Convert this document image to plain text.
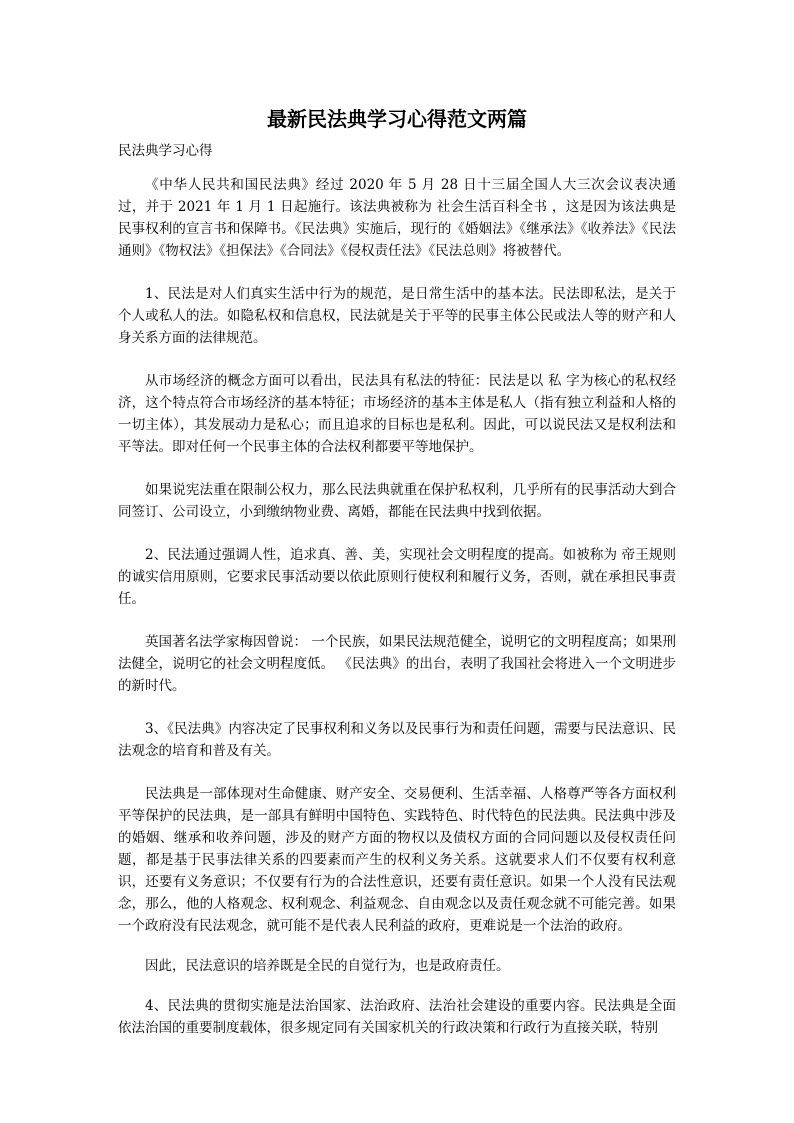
最新民法典学习心得范文两篇

民法典学习心得

《中华人民共和国民法典》经过 2020 年 5 月 28 日十三届全国人大三次会议表决通过，并于 2021 年 1 月 1 日起施行。该法典被称为 社会生活百科全书 ，这是因为该法典是民事权利的宣言书和保障书。《民法典》实施后，现行的《婚姻法》《继承法》《收养法》《民法通则》《物权法》《担保法》《合同法》《侵权责任法》《民法总则》将被替代。

1、民法是对人们真实生活中行为的规范，是日常生活中的基本法。民法即私法，是关于个人或私人的法。如隐私权和信息权，民法就是关于平等的民事主体公民或法人等的财产和人身关系方面的法律规范。

从市场经济的概念方面可以看出，民法具有私法的特征：民法是以 私 字为核心的私权经济，这个特点符合市场经济的基本特征；市场经济的基本主体是私人（指有独立利益和人格的一切主体），其发展动力是私心；而且追求的目标也是私利。因此，可以说民法又是权利法和平等法。即对任何一个民事主体的合法权利都要平等地保护。

如果说宪法重在限制公权力，那么民法典就重在保护私权利，几乎所有的民事活动大到合同签订、公司设立，小到缴纳物业费、离婚，都能在民法典中找到依据。

2、民法通过强调人性，追求真、善、美，实现社会文明程度的提高。如被称为 帝王规则的诚实信用原则，它要求民事活动要以依此原则行使权利和履行义务，否则，就在承担民事责任。

英国著名法学家梅因曾说： 一个民族，如果民法规范健全，说明它的文明程度高；如果刑法健全，说明它的社会文明程度低。 《民法典》的出台，表明了我国社会将进入一个文明进步的新时代。

3、《民法典》内容决定了民事权利和义务以及民事行为和责任问题，需要与民法意识、民法观念的培育和普及有关。

民法典是一部体现对生命健康、财产安全、交易便利、生活幸福、人格尊严等各方面权利平等保护的民法典，是一部具有鲜明中国特色、实践特色、时代特色的民法典。民法典中涉及的婚姻、继承和收养问题，涉及的财产方面的物权以及债权方面的合同问题以及侵权责任问题，都是基于民事法律关系的四要素而产生的权利义务关系。这就要求人们不仅要有权利意识，还要有义务意识；不仅要有行为的合法性意识，还要有责任意识。如果一个人没有民法观念，那么，他的人格观念、权利观念、利益观念、自由观念以及责任观念就不可能完善。如果一个政府没有民法观念，就可能不是代表人民利益的政府，更难说是一个法治的政府。

因此，民法意识的培养既是全民的自觉行为，也是政府责任。

4、民法典的贯彻实施是法治国家、法治政府、法治社会建设的重要内容。民法典是全面依法治国的重要制度载体，很多规定同有关国家机关的行政决策和行政行为直接关联，特别
